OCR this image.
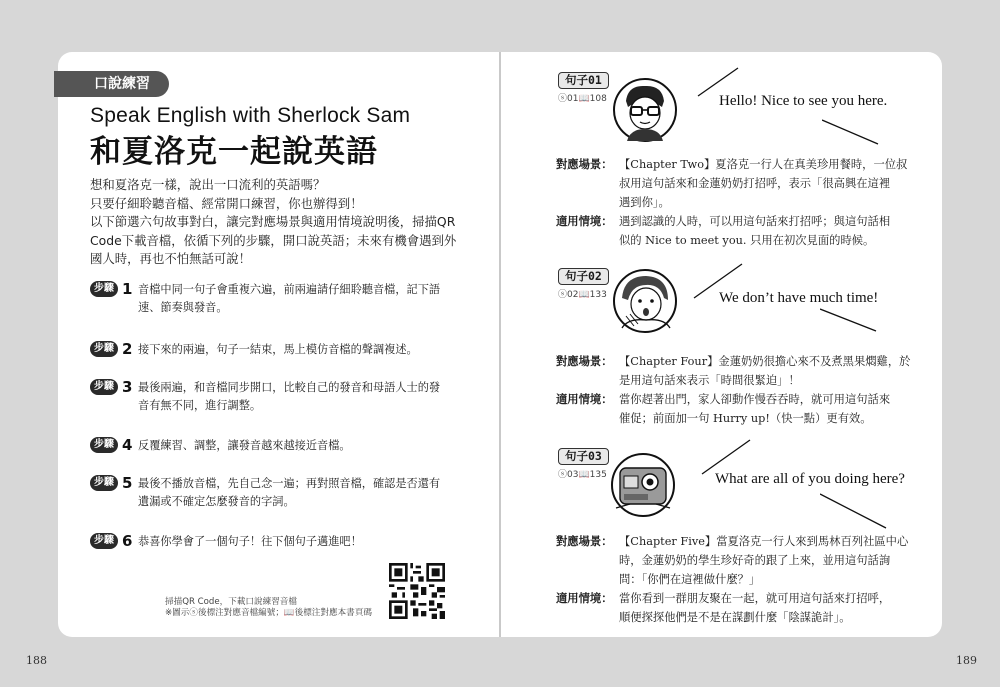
口說練習
Speak English with Sherlock Sam
和夏洛克一起說英語
想和夏洛克一樣，說出一口流利的英語嗎？
只要仔細聆聽音檔、經常開口練習，你也辦得到！
以下節選六句故事對白，讓完對應場景與適用情境說明後，掃描QR
Code下載音檔，依循下列的步驟，開口說英語；未來有機會遇到外
國人時，再也不怕無話可說！
步驟 1 音檔中同一句子會重複六遍，前兩遍請仔細聆聽音檔，記下語
速、節奏與發音。
步驟 2 接下來的兩遍，句子一結束，馬上模仿音檔的聲調複述。
步驟 3 最後兩遍，和音檔同步開口，比較自己的發音和母語人士的發
音有無不同，進行調整。
步驟 4 反覆練習、調整，讓發音越來越接近音檔。
步驟 5 最後不播放音檔，先自己念一遍；再對照音檔，確認是否還有
遺漏或不確定怎麼發音的字詞。
步驟 6 恭喜你學會了一個句子！往下個句子邁進吧！
掃描QR Code，下載口說練習音檔
※圖示ⓢ後標注對應音檔編號；📖後標注對應本書頁碼
188	189
句子01
ⓢ01📖108	Hello! Nice to see you here.
對應場景： 【Chapter Two】夏洛克一行人在真美珍用餐時，一位叔
叔用這句話來和金蓮奶奶打招呼，表示「很高興在這裡
遇到你」。
適用情境： 遇到認識的人時，可以用這句話來打招呼；與這句話相
似的 Nice to meet you. 只用在初次見面的時候。
句子02
ⓢ02📖133	We don’t have much time!
對應場景： 【Chapter Four】金蓮奶奶很擔心來不及煮黑果燜雞，於
是用這句話來表示「時間很緊迫」！
適用情境： 當你趕著出門，家人卻動作慢吞吞時，就可用這句話來
催促；前面加一句 Hurry up!（快一點）更有效。
句子03
ⓢ03📖135	What are all of you doing here?
對應場景： 【Chapter Five】當夏洛克一行人來到馬林百列社區中心
時，金蓮奶奶的學生珍好奇的跟了上來，並用這句話詢
問：「你們在這裡做什麼？」
適用情境： 當你看到一群朋友聚在一起，就可用這句話來打招呼，
順便探探他們是不是在謀劃什麼「陰謀詭計」。
